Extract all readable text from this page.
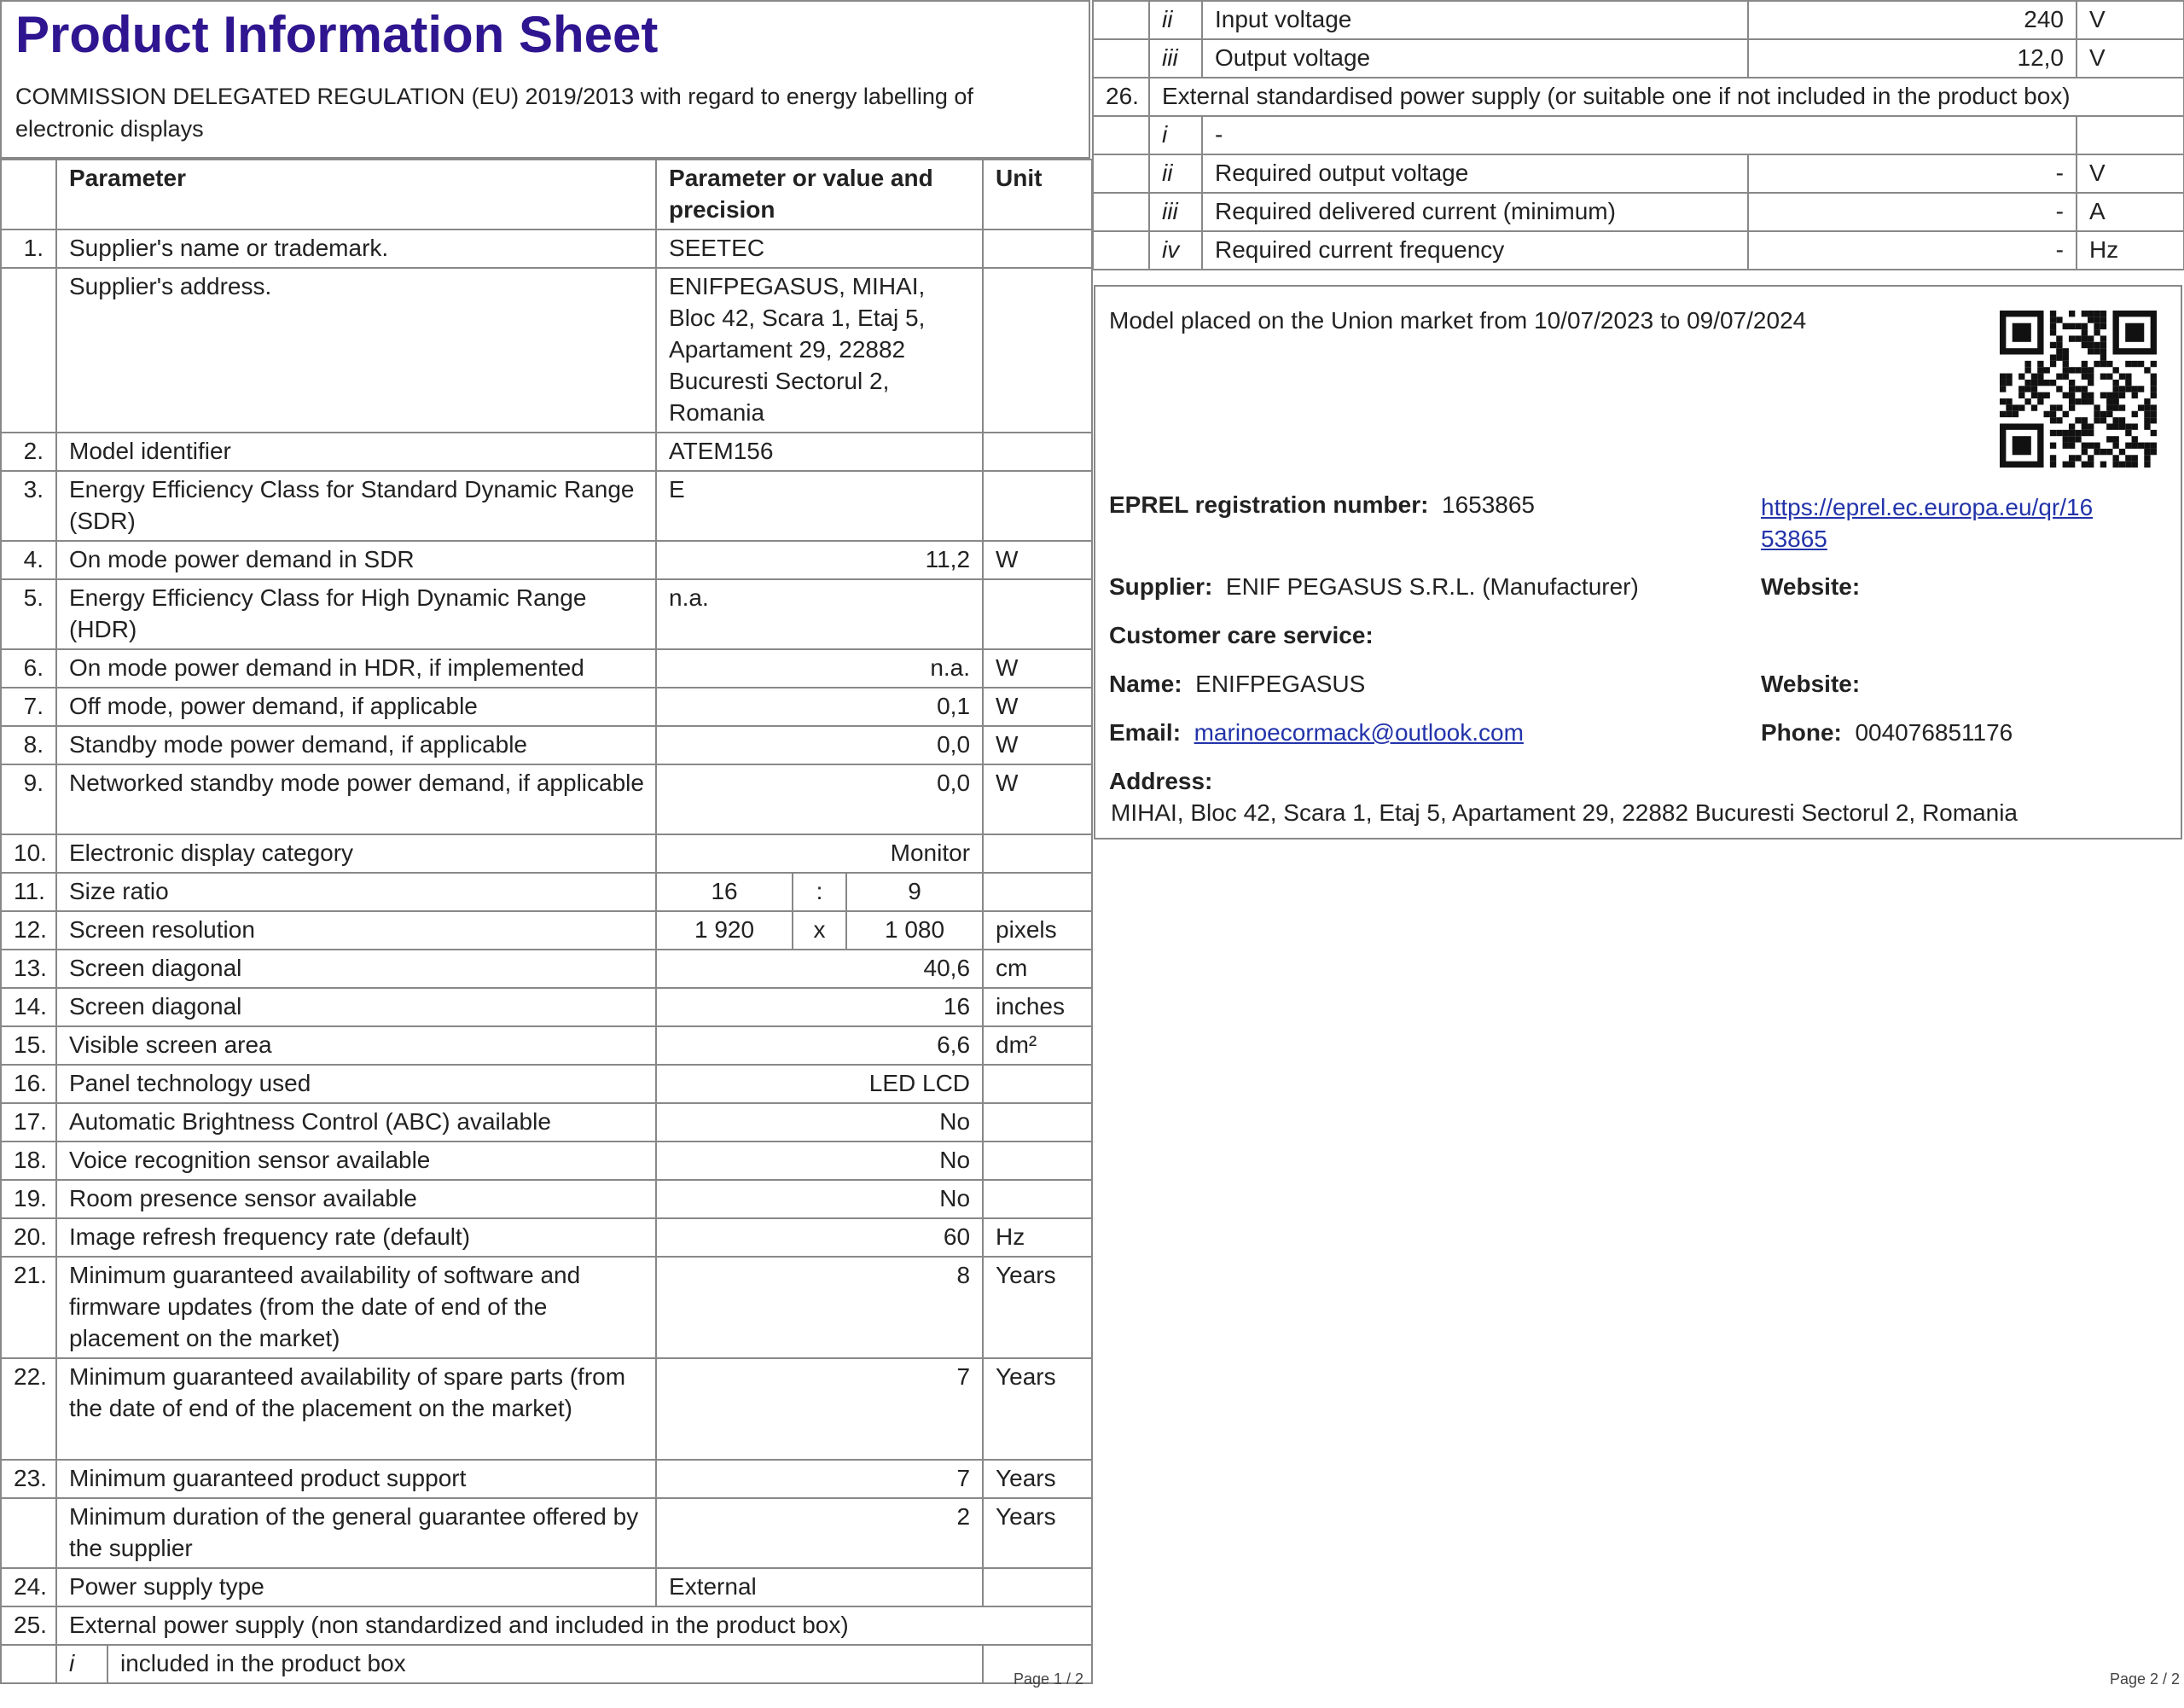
Product Information Sheet
COMMISSION DELEGATED REGULATION (EU) 2019/2013 with regard to energy labelling of electronic displays
	Parameter		Parameter or value and precision			Unit
1.	Supplier's name or trademark.		SEETEC			
	Supplier's address.		ENIFPEGASUS, MIHAI, Bloc 42, Scara 1, Etaj 5, Apartament 29, 22882 Bucuresti Sectorul 2, Romania			
2.	Model identifier		ATEM156			
3.	Energy Efficiency Class for Standard Dynamic Range (SDR)		E			
4.	On mode power demand in SDR		11,2			W
5.	Energy Efficiency Class for High Dynamic Range (HDR)		n.a.			
6.	On mode power demand in HDR, if implemented		n.a.			W
7.	Off mode, power demand, if applicable		0,1			W
8.	Standby mode power demand, if applicable		0,0			W
9.	Networked standby mode power demand, if applicable		0,0			W
10.	Electronic display category		Monitor			
11.	Size ratio		16	:	9	
12.	Screen resolution		1 920	x	1 080	pixels
13.	Screen diagonal		40,6			cm
14.	Screen diagonal		16			inches
15.	Visible screen area		6,6			dm²
16.	Panel technology used		LED LCD			
17.	Automatic Brightness Control (ABC) available		No			
18.	Voice recognition sensor available		No			
19.	Room presence sensor available		No			
20.	Image refresh frequency rate (default)		60			Hz
21.	Minimum guaranteed availability of software and firmware updates (from the date of end of the placement on the market)		8			Years
22.	Minimum guaranteed availability of spare parts (from the date of end of the placement on the market)		7			Years
23.	Minimum guaranteed product support		7			Years
	Minimum duration of the general guarantee offered by the supplier		2			Years
24.	Power supply type		External			
25.	External power supply (non standardized and included in the product box)					
	i	included in the product box				
Page 1 / 2
	ii	Input voltage	240	V
	iii	Output voltage	12,0	V
26.	External standardised power supply (or suitable one if not included in the product box)			
	i	-		
	ii	Required output voltage	-	V
	iii	Required delivered current (minimum)	-	A
	iv	Required current frequency	-	Hz
Model placed on the Union market from 10/07/2023 to 09/07/2024
EPREL registration number: 1653865	https://eprel.ec.europa.eu/qr/16
53865
Supplier: ENIF PEGASUS S.R.L. (Manufacturer)	Website:
Customer care service:
Name: ENIFPEGASUS	Website:
Email: marinoecormack@outlook.com	Phone: 004076851176
Address:
MIHAI, Bloc 42, Scara 1, Etaj 5, Apartament 29, 22882 Bucuresti Sectorul 2, Romania
Page 2 / 2
